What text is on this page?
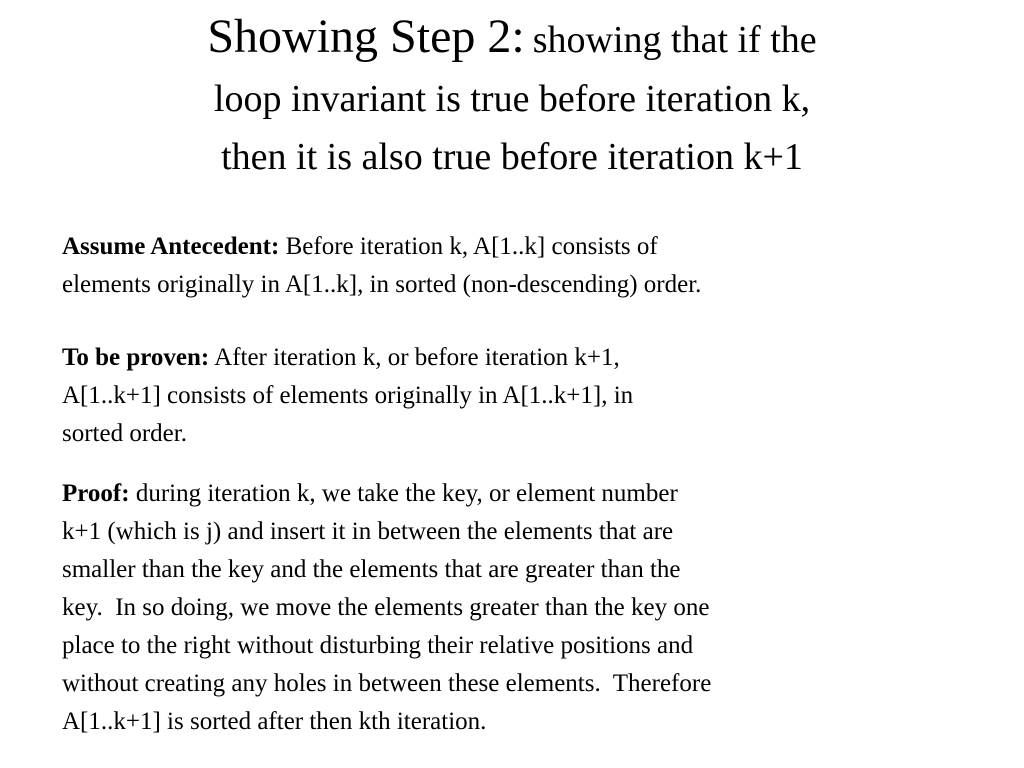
Showing Step 2: showing that if the
loop invariant is true before iteration k,
then it is also true before iteration k+1

Assume Antecedent: Before iteration k, A[1..k] consists of
elements originally in A[1..k], in sorted (non-descending) order.

To be proven: After iteration k, or before iteration k+1,
A[1..k+1] consists of elements originally in A[1..k+1], in
sorted order.

Proof: during iteration k, we take the key, or element number
k+1 (which is j) and insert it in between the elements that are
smaller than the key and the elements that are greater than the
key.  In so doing, we move the elements greater than the key one
place to the right without disturbing their relative positions and
without creating any holes in between these elements.  Therefore
A[1..k+1] is sorted after then kth iteration.
